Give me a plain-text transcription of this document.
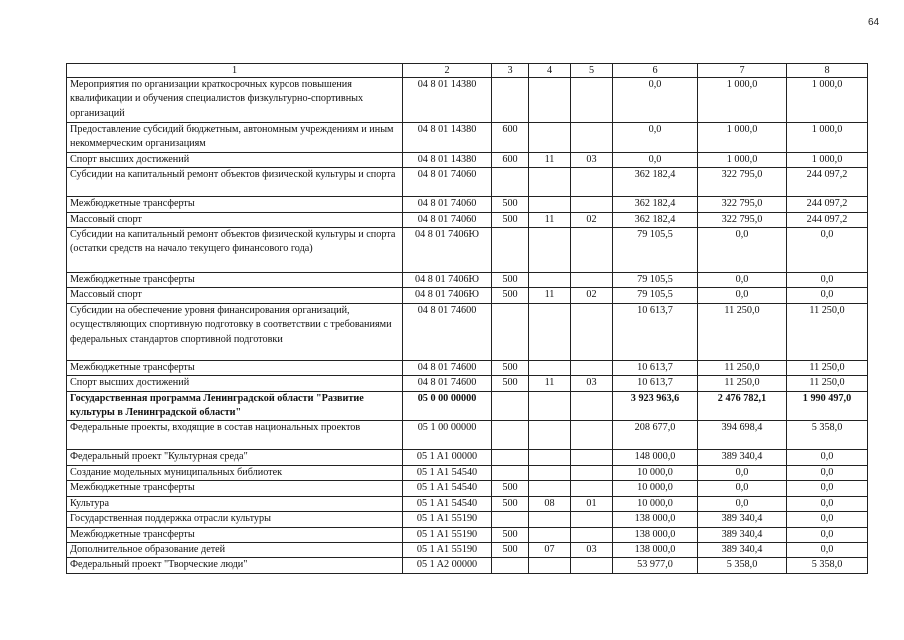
64
1	2	3	4	5	6	7	8
Мероприятия по организации краткосрочных курсов повышения квалификации и обучения специалистов физкультурно-спортивных организаций	04 8 01 14380				0,0	1 000,0	1 000,0
Предоставление субсидий бюджетным, автономным учреждениям и иным некоммерческим организациям	04 8 01 14380	600			0,0	1 000,0	1 000,0
Спорт высших достижений	04 8 01 14380	600	11	03	0,0	1 000,0	1 000,0
Субсидии на капитальный ремонт объектов физической культуры и спорта	04 8 01 74060				362 182,4	322 795,0	244 097,2
Межбюджетные трансферты	04 8 01 74060	500			362 182,4	322 795,0	244 097,2
Массовый спорт	04 8 01 74060	500	11	02	362 182,4	322 795,0	244 097,2
Субсидии на капитальный ремонт объектов физической культуры и спорта (остатки средств на начало текущего финансового года)	04 8 01 7406Ю				79 105,5	0,0	0,0
Межбюджетные трансферты	04 8 01 7406Ю	500			79 105,5	0,0	0,0
Массовый спорт	04 8 01 7406Ю	500	11	02	79 105,5	0,0	0,0
Субсидии на обеспечение уровня финансирования организаций, осуществляющих спортивную подготовку в соответствии с требованиями федеральных стандартов спортивной подготовки	04 8 01 74600				10 613,7	11 250,0	11 250,0
Межбюджетные трансферты	04 8 01 74600	500			10 613,7	11 250,0	11 250,0
Спорт высших достижений	04 8 01 74600	500	11	03	10 613,7	11 250,0	11 250,0
Государственная программа Ленинградской области "Развитие культуры в Ленинградской области"	05 0 00 00000				3 923 963,6	2 476 782,1	1 990 497,0
Федеральные проекты, входящие в состав национальных проектов	05 1 00 00000				208 677,0	394 698,4	5 358,0
Федеральный проект "Культурная среда"	05 1 A1 00000				148 000,0	389 340,4	0,0
Создание модельных муниципальных библиотек	05 1 A1 54540				10 000,0	0,0	0,0
Межбюджетные трансферты	05 1 A1 54540	500			10 000,0	0,0	0,0
Культура	05 1 A1 54540	500	08	01	10 000,0	0,0	0,0
Государственная поддержка отрасли культуры	05 1 A1 55190				138 000,0	389 340,4	0,0
Межбюджетные трансферты	05 1 A1 55190	500			138 000,0	389 340,4	0,0
Дополнительное образование детей	05 1 A1 55190	500	07	03	138 000,0	389 340,4	0,0
Федеральный проект "Творческие люди"	05 1 A2 00000				53 977,0	5 358,0	5 358,0
